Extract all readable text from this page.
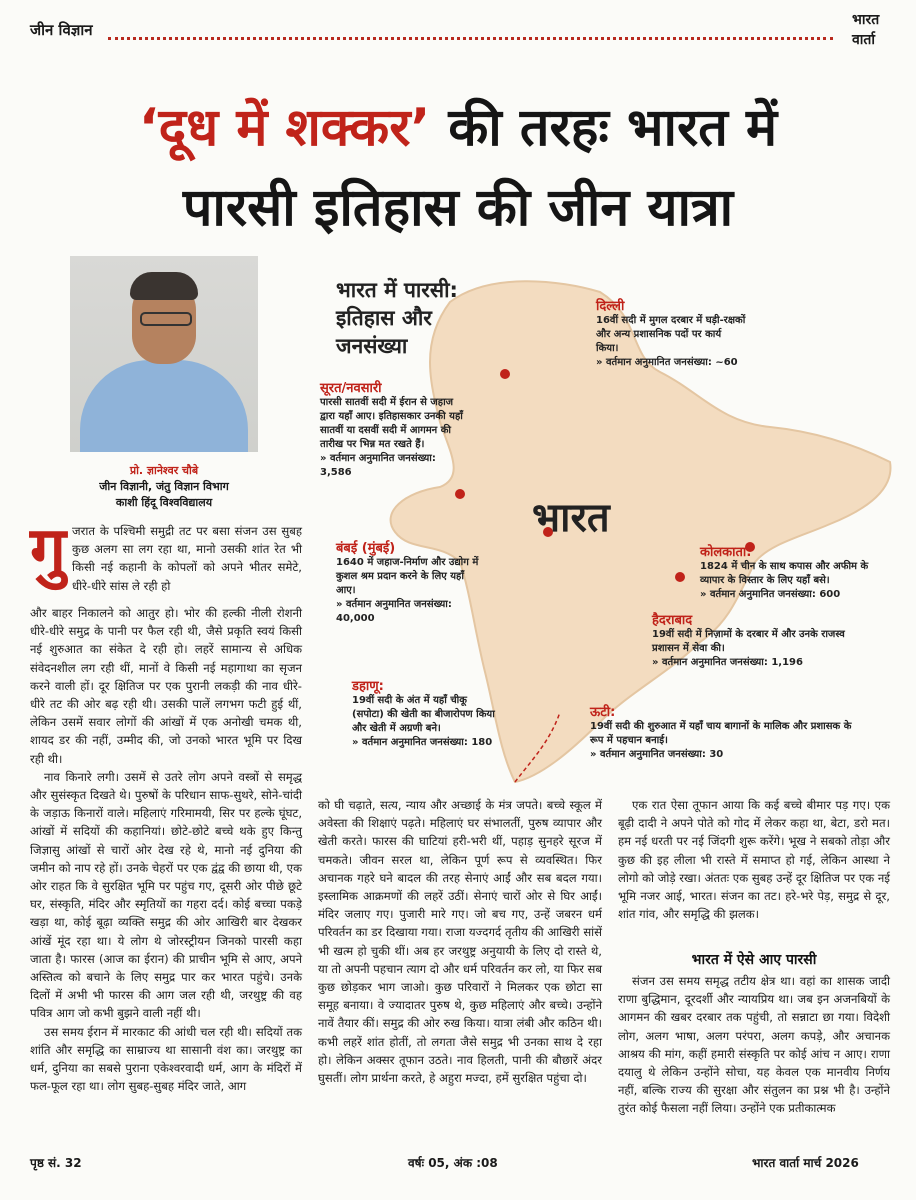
जीन विज्ञान
भारत
वार्ता
‘दूध में शक्कर’ की तरहः भारत में
पारसी इतिहास की जीन यात्रा
प्रो. ज्ञानेश्वर चौबे
जीन विज्ञानी, जंतु विज्ञान विभाग
काशी हिंदू विश्वविद्यालय
भारत में पारसी:
इतिहास और
जनसंख्या
भारत
दिल्ली
16वीं सदी में मुगल दरबार में घड़ी-रक्षकों और अन्य प्रशासनिक पदों पर कार्य किया।
» वर्तमान अनुमानित जनसंख्या: ~60
सूरत/नवसारी
पारसी सातवीं सदी में ईरान से जहाज द्वारा यहाँ आए। इतिहासकार उनकी यहाँ सातवीं या दसवीं सदी में आगमन की तारीख पर भिन्न मत रखते हैं।
» वर्तमान अनुमानित जनसंख्या: 3,586
बंबई (मुंबई)
1640 में जहाज-निर्माण और उद्योग में कुशल श्रम प्रदान करने के लिए यहाँ आए।
» वर्तमान अनुमानित जनसंख्या: 40,000
कोलकाता:
1824 में चीन के साथ कपास और अफीम के व्यापार के विस्तार के लिए यहाँ बसे।
» वर्तमान अनुमानित जनसंख्या: 600
हैदराबाद
19वीं सदी में निज़ामों के दरबार में और उनके राजस्व प्रशासन में सेवा की।
» वर्तमान अनुमानित जनसंख्या: 1,196
डहाणू:
19वीं सदी के अंत में यहाँ चीकू (सपोटा) की खेती का बीजारोपण किया और खेती में अग्रणी बने।
» वर्तमान अनुमानित जनसंख्या: 180
ऊटी:
19वीं सदी की शुरुआत में यहाँ चाय बागानों के मालिक और प्रशासक के रूप में पहचान बनाई।
» वर्तमान अनुमानित जनसंख्या: 30
गुजरात के पश्चिमी समुद्री तट पर बसा संजन उस सुबह कुछ अलग सा लग रहा था, मानो उसकी शांत रेत भी किसी नई कहानी के कोपलों को अपने भीतर समेटे, धीरे-धीरे सांस ले रही हो

और बाहर निकालने को आतुर हो। भोर की हल्की नीली रोशनी धीरे-धीरे समुद्र के पानी पर फैल रही थी, जैसे प्रकृति स्वयं किसी नई शुरुआत का संकेत दे रही हो। लहरें सामान्य से अधिक संवेदनशील लग रही थीं, मानों वे किसी नई महागाथा का सृजन करने वाली हों। दूर क्षितिज पर एक पुरानी लकड़ी की नाव धीरे-धीरे तट की ओर बढ़ रही थी। उसकी पालें लगभग फटी हुई थीं, लेकिन उसमें सवार लोगों की आंखों में एक अनोखी चमक थी, शायद डर की नहीं, उम्मीद की, जो उनको भारत भूमि पर दिख रही थी।

नाव किनारे लगी। उसमें से उतरे लोग अपने वस्त्रों से समृद्ध और सुसंस्कृत दिखते थे। पुरुषों के परिधान साफ-सुथरे, सोने-चांदी के जड़ाऊ किनारों वाले। महिलाएं गरिमामयी, सिर पर हल्के घूंघट, आंखों में सदियों की कहानियां। छोटे-छोटे बच्चे थके हुए किन्तु जिज्ञासु आंखों से चारों ओर देख रहे थे, मानो नई दुनिया की जमीन को नाप रहे हों। उनके चेहरों पर एक द्वंद्व की छाया थी, एक ओर राहत कि वे सुरक्षित भूमि पर पहुंच गए, दूसरी ओर पीछे छूटे घर, संस्कृति, मंदिर और स्मृतियों का गहरा दर्द। कोई बच्चा पकड़े खड़ा था, कोई बूढ़ा व्यक्ति समुद्र की ओर आखिरी बार देखकर आंखें मूंद रहा था। ये लोग थे जोरस्ट्रीयन जिनको पारसी कहा जाता है। फारस (आज का ईरान) की प्राचीन भूमि से आए, अपने अस्तित्व को बचाने के लिए समुद्र पार कर भारत पहुंचे। उनके दिलों में अभी भी फारस की आग जल रही थी, जरथुष्ट्र की वह पवित्र आग जो कभी बुझने वाली नहीं थी।

उस समय ईरान में मारकाट की आंधी चल रही थी। सदियों तक शांति और समृद्धि का साम्राज्य था सासानी वंश का। जरथुष्ट्र का धर्म, दुनिया का सबसे पुराना एकेश्वरवादी धर्म, आग के मंदिरों में फल-फूल रहा था। लोग सुबह-सुबह मंदिर जाते, आग

को घी चढ़ाते, सत्य, न्याय और अच्छाई के मंत्र जपते। बच्चे स्कूल में अवेस्ता की शिक्षाएं पढ़ते। महिलाएं घर संभालतीं, पुरुष व्यापार और खेती करते। फारस की घाटियां हरी-भरी थीं, पहाड़ सुनहरे सूरज में चमकते। जीवन सरल था, लेकिन पूर्ण रूप से व्यवस्थित। फिर अचानक गहरे घने बादल की तरह सेनाएं आईं और सब बदल गया। इस्लामिक आक्रमणों की लहरें उठीं। सेनाएं चारों ओर से घिर आईं। मंदिर जलाए गए। पुजारी मारे गए। जो बच गए, उन्हें जबरन धर्म परिवर्तन का डर दिखाया गया। राजा यज्दगर्द तृतीय की आखिरी सांसें भी खत्म हो चुकी थीं। अब हर जरथुष्ट्र अनुयायी के लिए दो रास्ते थे, या तो अपनी पहचान त्याग दो और धर्म परिवर्तन कर लो, या फिर सब कुछ छोड़कर भाग जाओ। कुछ परिवारों ने मिलकर एक छोटा सा समूह बनाया। वे ज्यादातर पुरुष थे, कुछ महिलाएं और बच्चे। उन्होंने नावें तैयार कीं। समुद्र की ओर रुख किया। यात्रा लंबी और कठिन थी। कभी लहरें शांत होतीं, तो लगता जैसे समुद्र भी उनका साथ दे रहा हो। लेकिन अक्सर तूफान उठते। नाव हिलती, पानी की बौछारें अंदर घुसतीं। लोग प्रार्थना करते, हे अहुरा मज्दा, हमें सुरक्षित पहुंचा दो।

एक रात ऐसा तूफान आया कि कई बच्चे बीमार पड़ गए। एक बूढ़ी दादी ने अपने पोते को गोद में लेकर कहा था, बेटा, डरो मत। हम नई धरती पर नई जिंदगी शुरू करेंगे। भूख ने सबको तोड़ा और कुछ की इह लीला भी रास्ते में समाप्त हो गई, लेकिन आस्था ने लोगो को जोड़े रखा। अंततः एक सुबह उन्हें दूर क्षितिज पर एक नई भूमि नजर आई, भारत। संजन का तट। हरे-भरे पेड़, समुद्र से दूर, शांत गांव, और समृद्धि की झलक।

भारत में ऐसे आए पारसी

संजन उस समय समृद्ध तटीय क्षेत्र था। वहां का शासक जादी राणा बुद्धिमान, दूरदर्शी और न्यायप्रिय था। जब इन अजनबियों के आगमन की खबर दरबार तक पहुंची, तो सन्नाटा छा गया। विदेशी लोग, अलग भाषा, अलग परंपरा, अलग कपड़े, और अचानक आश्रय की मांग, कहीं हमारी संस्कृति पर कोई आंच न आए। राणा दयालु थे लेकिन उन्होंने सोचा, यह केवल एक मानवीय निर्णय नहीं, बल्कि राज्य की सुरक्षा और संतुलन का प्रश्न भी है। उन्होंने तुरंत कोई फैसला नहीं लिया। उन्होंने एक प्रतीकात्मक

पृष्ठ सं. 32	वर्षः 05, अंक :08	भारत वार्ता मार्च 2026
